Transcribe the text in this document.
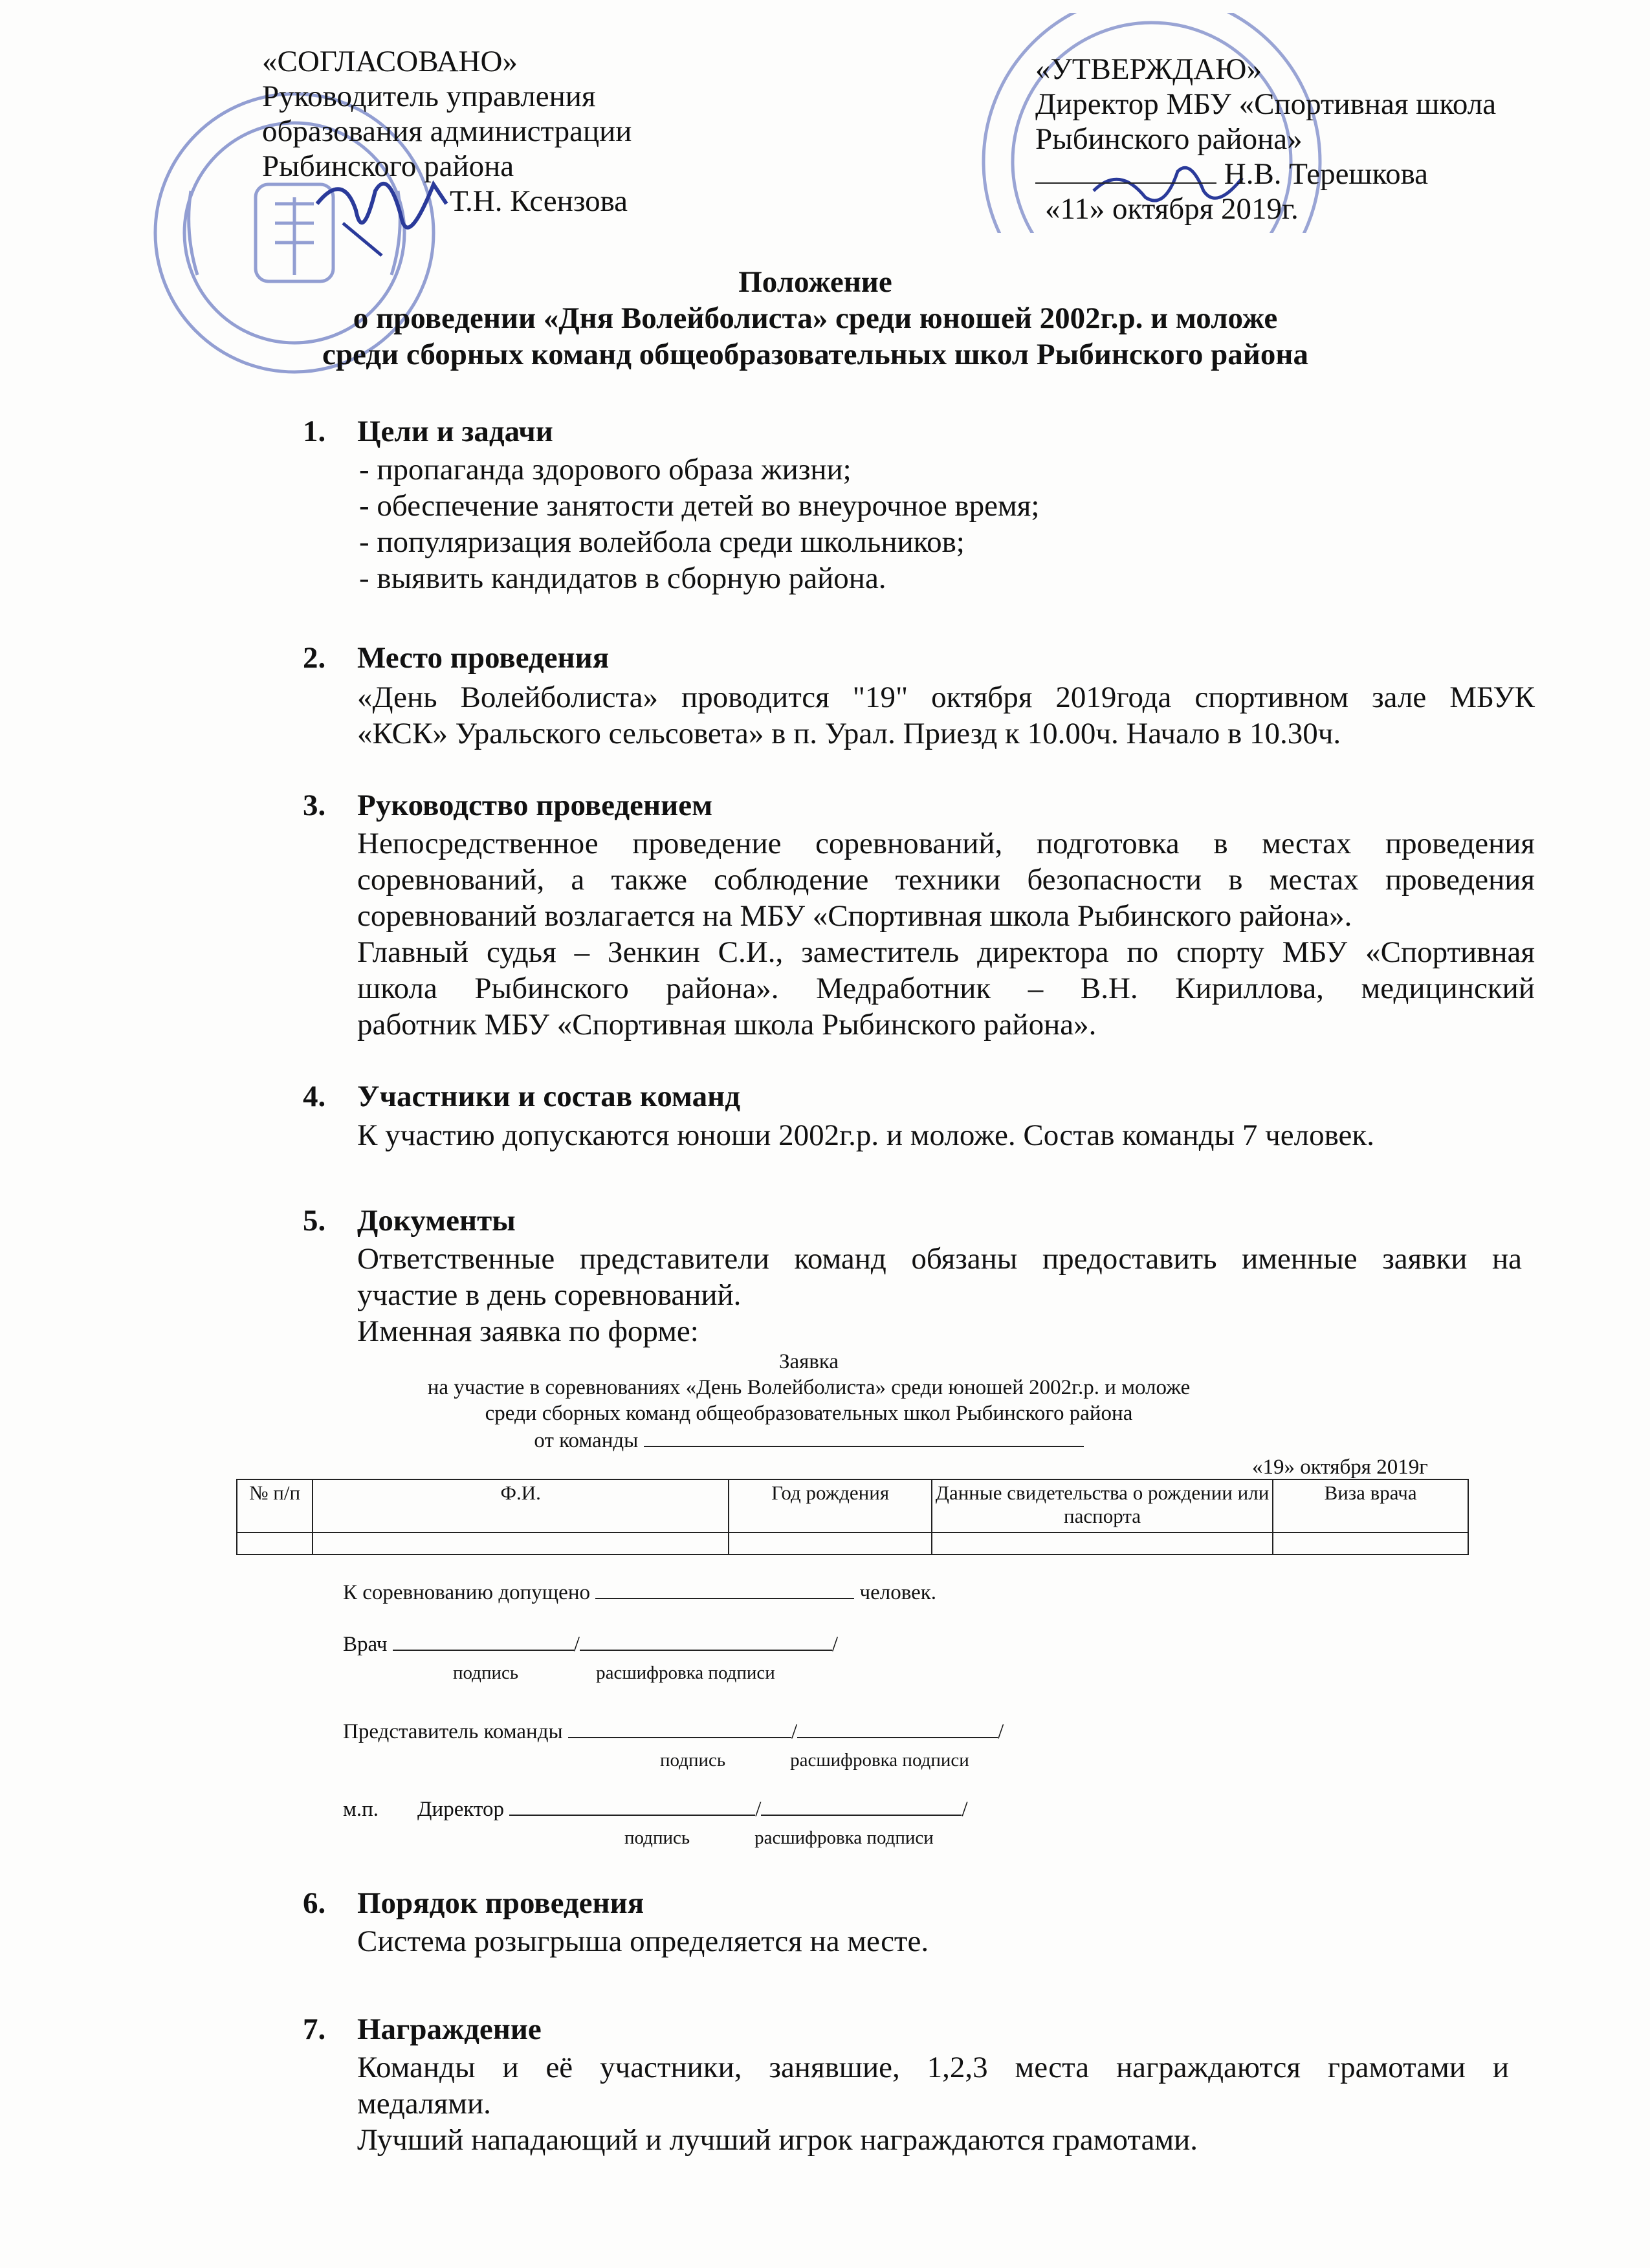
«СОГЛАСОВАНО»
Руководитель управления
образования администрации
Рыбинского района
Т.Н. Ксензова
«УТВЕРЖДАЮ»
Директор МБУ «Спортивная школа
Рыбинского района»
Н.В. Терешкова
«11» октября 2019г.
Положение
о проведении «Дня Волейболиста» среди юношей 2002г.р. и моложе
среди сборных команд общеобразовательных школ Рыбинского района
1. Цели и задачи
- пропаганда здорового образа жизни;
- обеспечение занятости детей во внеурочное время;
- популяризация волейбола среди школьников;
- выявить кандидатов в сборную района.
2. Место проведения
«День Волейболиста» проводится "19" октября 2019года спортивном зале МБУК
«КСК» Уральского сельсовета» в п. Урал. Приезд к 10.00ч. Начало в 10.30ч.
3. Руководство проведением
Непосредственное проведение соревнований, подготовка в местах проведения
соревнований, а также соблюдение техники безопасности в местах проведения
соревнований возлагается на МБУ «Спортивная школа Рыбинского района».
Главный судья – Зенкин С.И., заместитель директора по спорту МБУ «Спортивная
школа Рыбинского района». Медработник – В.Н. Кириллова, медицинский
работник МБУ «Спортивная школа Рыбинского района».
4. Участники и состав команд
К участию допускаются юноши 2002г.р. и моложе. Состав команды 7 человек.
5. Документы
Ответственные представители команд обязаны предоставить именные заявки на
участие в день соревнований.
Именная заявка по форме:
Заявка
на участие в соревнованиях «День Волейболиста» среди юношей 2002г.р. и моложе
среди сборных команд общеобразовательных школ Рыбинского района
от команды
«19» октября 2019г
№ п/п	Ф.И.	Год рождения	Данные свидетельства о рождении или паспорта	Виза врача

К соревнованию допущено	человек.
Врач	/	/
подпись	расшифровка подписи
Представитель команды	/	/
подпись	расшифровка подписи
м.п. Директор	/	/
подпись	расшифровка подписи
6. Порядок проведения
Система розыгрыша определяется на месте.
7. Награждение
Команды и её участники, занявшие, 1,2,3 места награждаются грамотами и
медалями.
Лучший нападающий и лучший игрок награждаются грамотами.
